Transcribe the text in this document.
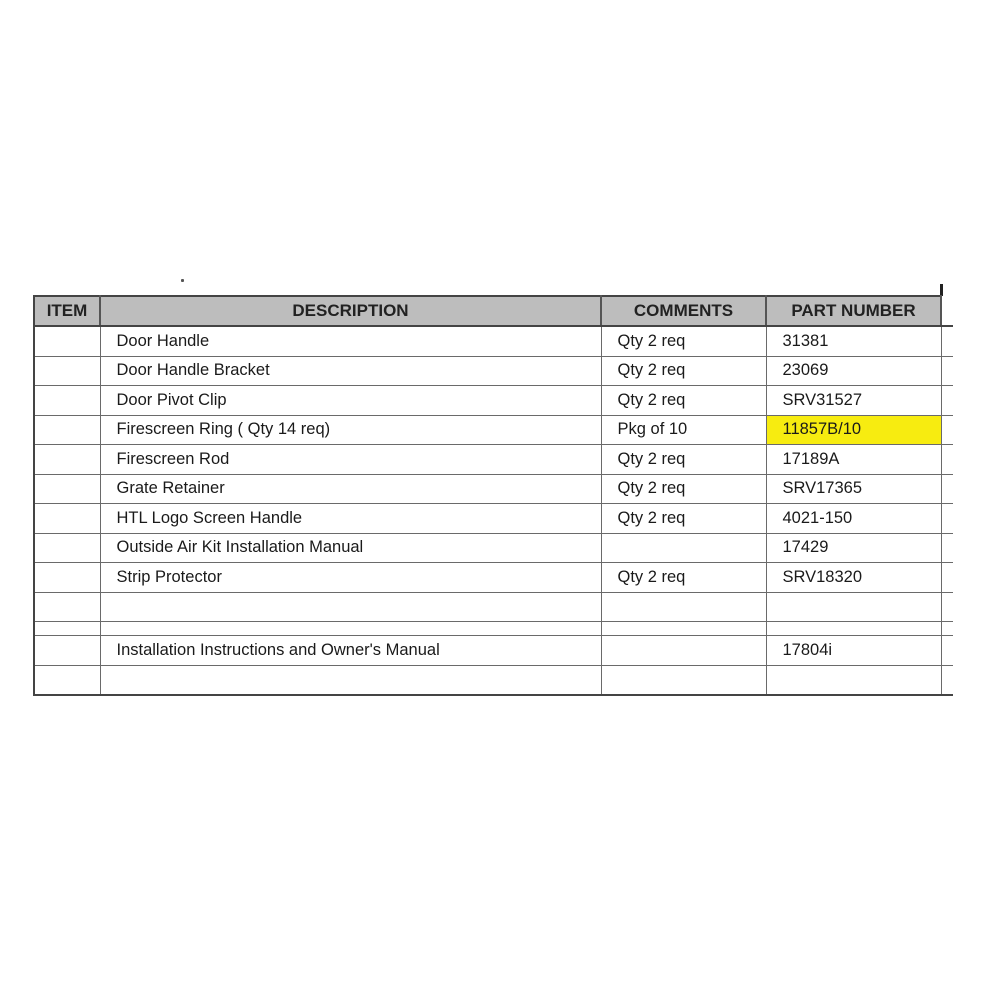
ITEM	DESCRIPTION	COMMENTS	PART NUMBER	
	Door Handle	Qty 2 req	31381	
	Door Handle Bracket	Qty 2 req	23069	
	Door Pivot Clip	Qty 2 req	SRV31527	
	Firescreen Ring ( Qty 14 req)	Pkg of 10	11857B/10	
	Firescreen Rod	Qty 2 req	17189A	
	Grate Retainer	Qty 2 req	SRV17365	
	HTL Logo Screen Handle	Qty 2 req	4021-150	
	Outside Air Kit Installation Manual		17429	
	Strip Protector	Qty 2 req	SRV18320	

	Installation Instructions and Owner's Manual		17804i	
